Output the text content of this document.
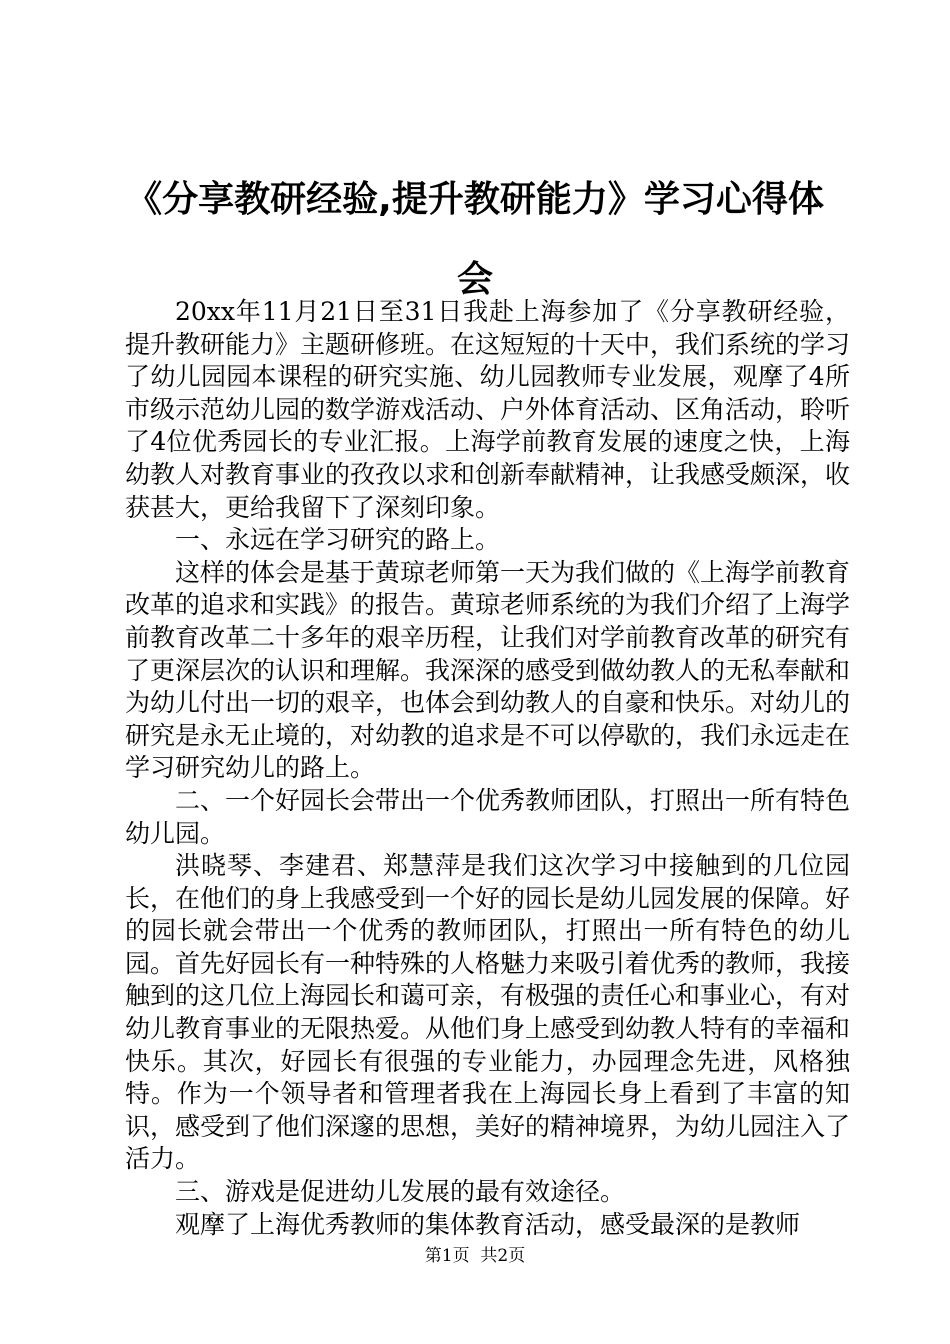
《分享教研经验,提升教研能力》学习心得体会

20xx年11月21日至31日我赴上海参加了《分享教研经验，提升教研能力》主题研修班。在这短短的十天中，我们系统的学习了幼儿园园本课程的研究实施、幼儿园教师专业发展，观摩了4所市级示范幼儿园的数学游戏活动、户外体育活动、区角活动，聆听了4位优秀园长的专业汇报。上海学前教育发展的速度之快，上海幼教人对教育事业的孜孜以求和创新奉献精神，让我感受颇深，收获甚大，更给我留下了深刻印象。

一、永远在学习研究的路上。

这样的体会是基于黄琼老师第一天为我们做的《上海学前教育改革的追求和实践》的报告。黄琼老师系统的为我们介绍了上海学前教育改革二十多年的艰辛历程，让我们对学前教育改革的研究有了更深层次的认识和理解。我深深的感受到做幼教人的无私奉献和为幼儿付出一切的艰辛，也体会到幼教人的自豪和快乐。对幼儿的研究是永无止境的，对幼教的追求是不可以停歇的，我们永远走在学习研究幼儿的路上。

二、一个好园长会带出一个优秀教师团队，打照出一所有特色幼儿园。

洪晓琴、李建君、郑慧萍是我们这次学习中接触到的几位园长，在他们的身上我感受到一个好的园长是幼儿园发展的保障。好的园长就会带出一个优秀的教师团队，打照出一所有特色的幼儿园。首先好园长有一种特殊的人格魅力来吸引着优秀的教师，我接触到的这几位上海园长和蔼可亲，有极强的责任心和事业心，有对幼儿教育事业的无限热爱。从他们身上感受到幼教人特有的幸福和快乐。其次，好园长有很强的专业能力，办园理念先进，风格独特。作为一个领导者和管理者我在上海园长身上看到了丰富的知识，感受到了他们深邃的思想，美好的精神境界，为幼儿园注入了活力。

三、游戏是促进幼儿发展的最有效途径。

观摩了上海优秀教师的集体教育活动，感受最深的是教师

第1页  共2页
